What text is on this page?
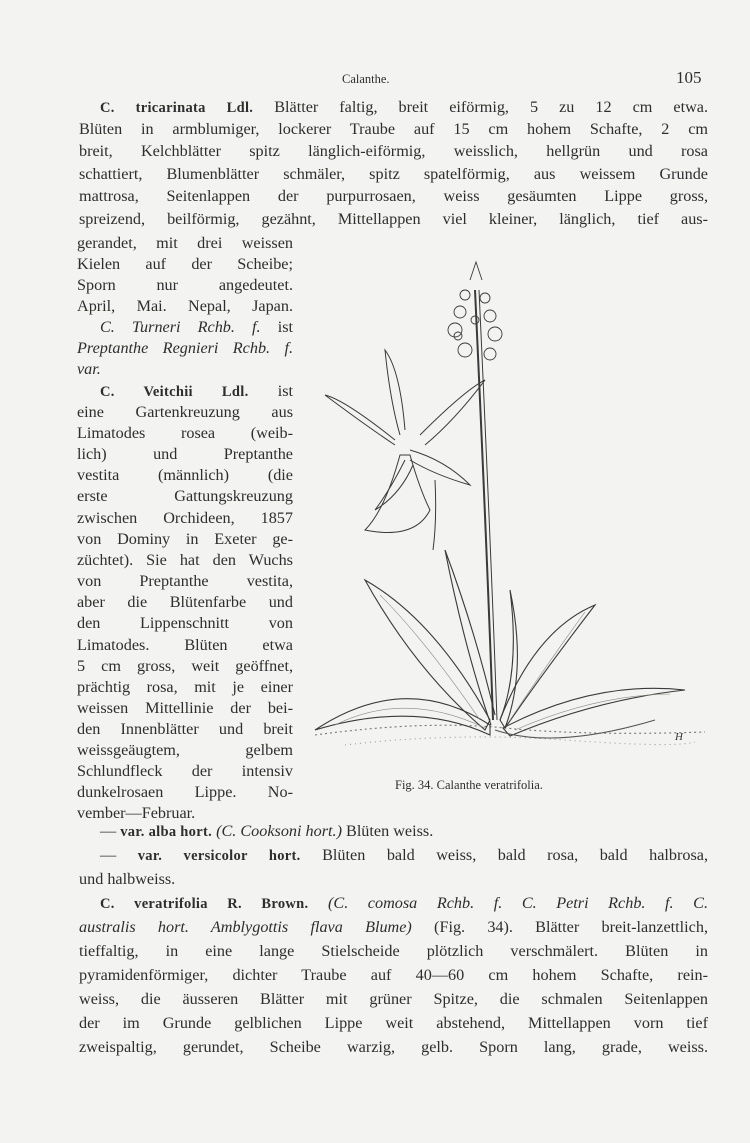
Calanthe.	105
C. tricarinata Ldl. Blätter faltig, breit eiförmig, 5 zu 12 cm etwa.
Blüten in armblumiger, lockerer Traube auf 15 cm hohem Schafte, 2 cm
breit, Kelchblätter spitz länglich-eiförmig, weisslich, hellgrün und rosa
schattiert, Blumenblätter schmäler, spitz spatelförmig, aus weissem Grunde
mattrosa, Seitenlappen der purpurrosaen, weiss gesäumten Lippe gross,
spreizend, beilförmig, gezähnt, Mittellappen viel kleiner, länglich, tief aus-
gerandet, mit drei weissen
Kielen auf der Scheibe;
Sporn nur angedeutet.
April, Mai. Nepal, Japan.
C. Turneri Rchb. f. ist
Preptanthe Regnieri Rchb. f.
var.
C. Veitchii Ldl. ist
eine Gartenkreuzung aus
Limatodes rosea (weib-
lich) und Preptanthe
vestita (männlich) (die
erste Gattungskreuzung
zwischen Orchideen, 1857
von Dominy in Exeter ge-
züchtet). Sie hat den Wuchs
von Preptanthe vestita,
aber die Blütenfarbe und
den Lippenschnitt von
Limatodes. Blüten etwa
5 cm gross, weit geöffnet,
prächtig rosa, mit je einer
weissen Mittellinie der bei-
den Innenblätter und breit
weissgeäugtem, gelbem
Schlundfleck der intensiv
dunkelrosaen Lippe. No-
vember—Februar.
H
Fig. 34. Calanthe veratrifolia.
— var. alba hort. (C. Cooksoni hort.) Blüten weiss.
— var. versicolor hort. Blüten bald weiss, bald rosa, bald halbrosa,
und halbweiss.
C. veratrifolia R. Brown. (C. comosa Rchb. f. C. Petri Rchb. f. C.
australis hort. Amblygottis flava Blume) (Fig. 34). Blätter breit-lanzettlich,
tieffaltig, in eine lange Stielscheide plötzlich verschmälert. Blüten in
pyramidenförmiger, dichter Traube auf 40—60 cm hohem Schafte, rein-
weiss, die äusseren Blätter mit grüner Spitze, die schmalen Seitenlappen
der im Grunde gelblichen Lippe weit abstehend, Mittellappen vorn tief
zweispaltig, gerundet, Scheibe warzig, gelb. Sporn lang, grade, weiss.
